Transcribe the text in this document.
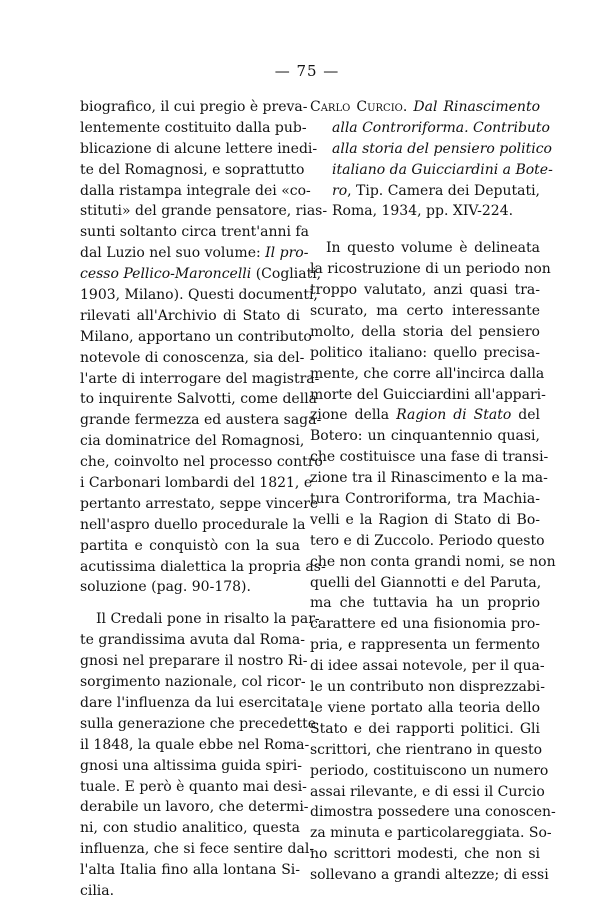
— 75 —
biografico, il cui pregio è preva-
lentemente costituito dalla pub-
blicazione di alcune lettere inedi-
te del Romagnosi, e soprattutto
dalla ristampa integrale dei «co-
stituti» del grande pensatore, rias-
sunti soltanto circa trent'anni fa
dal Luzio nel suo volume: Il pro-
cesso Pellico-Maroncelli (Cogliati,
1903, Milano). Questi documenti,
rilevati all'Archivio di Stato di
Milano, apportano un contributo
notevole di conoscenza, sia del-
l'arte di interrogare del magistra-
to inquirente Salvotti, come della
grande fermezza ed austera saga-
cia dominatrice del Romagnosi,
che, coinvolto nel processo contro
i Carbonari lombardi del 1821, e
pertanto arrestato, seppe vincere
nell'aspro duello procedurale la
partita e conquistò con la sua
acutissima dialettica la propria as-
soluzione (pag. 90-178).
Il Credali pone in risalto la par-
te grandissima avuta dal Roma-
gnosi nel preparare il nostro Ri-
sorgimento nazionale, col ricor-
dare l'influenza da lui esercitata
sulla generazione che precedette
il 1848, la quale ebbe nel Roma-
gnosi una altissima guida spiri-
tuale. E però è quanto mai desi-
derabile un lavoro, che determi-
ni, con studio analitico, questa
influenza, che si fece sentire dal-
l'alta Italia fino alla lontana Si-
cilia.
Carlo Curcio. Dal Rinascimento
alla Controriforma. Contributo
alla storia del pensiero politico
italiano da Guicciardini a Bote-
ro, Tip. Camera dei Deputati,
Roma, 1934, pp. XIV-224.
In questo volume è delineata
la ricostruzione di un periodo non
troppo valutato, anzi quasi tra-
scurato, ma certo interessante
molto, della storia del pensiero
politico italiano: quello precisa-
mente, che corre all'incirca dalla
morte del Guicciardini all'appari-
zione della Ragion di Stato del
Botero: un cinquantennio quasi,
che costituisce una fase di transi-
zione tra il Rinascimento e la ma-
tura Controriforma, tra Machia-
velli e la Ragion di Stato di Bo-
tero e di Zuccolo. Periodo questo
che non conta grandi nomi, se non
quelli del Giannotti e del Paruta,
ma che tuttavia ha un proprio
carattere ed una fisionomia pro-
pria, e rappresenta un fermento
di idee assai notevole, per il qua-
le un contributo non disprezzabi-
le viene portato alla teoria dello
Stato e dei rapporti politici. Gli
scrittori, che rientrano in questo
periodo, costituiscono un numero
assai rilevante, e di essi il Curcio
dimostra possedere una conoscen-
za minuta e particolareggiata. So-
no scrittori modesti, che non si
sollevano a grandi altezze; di essi
